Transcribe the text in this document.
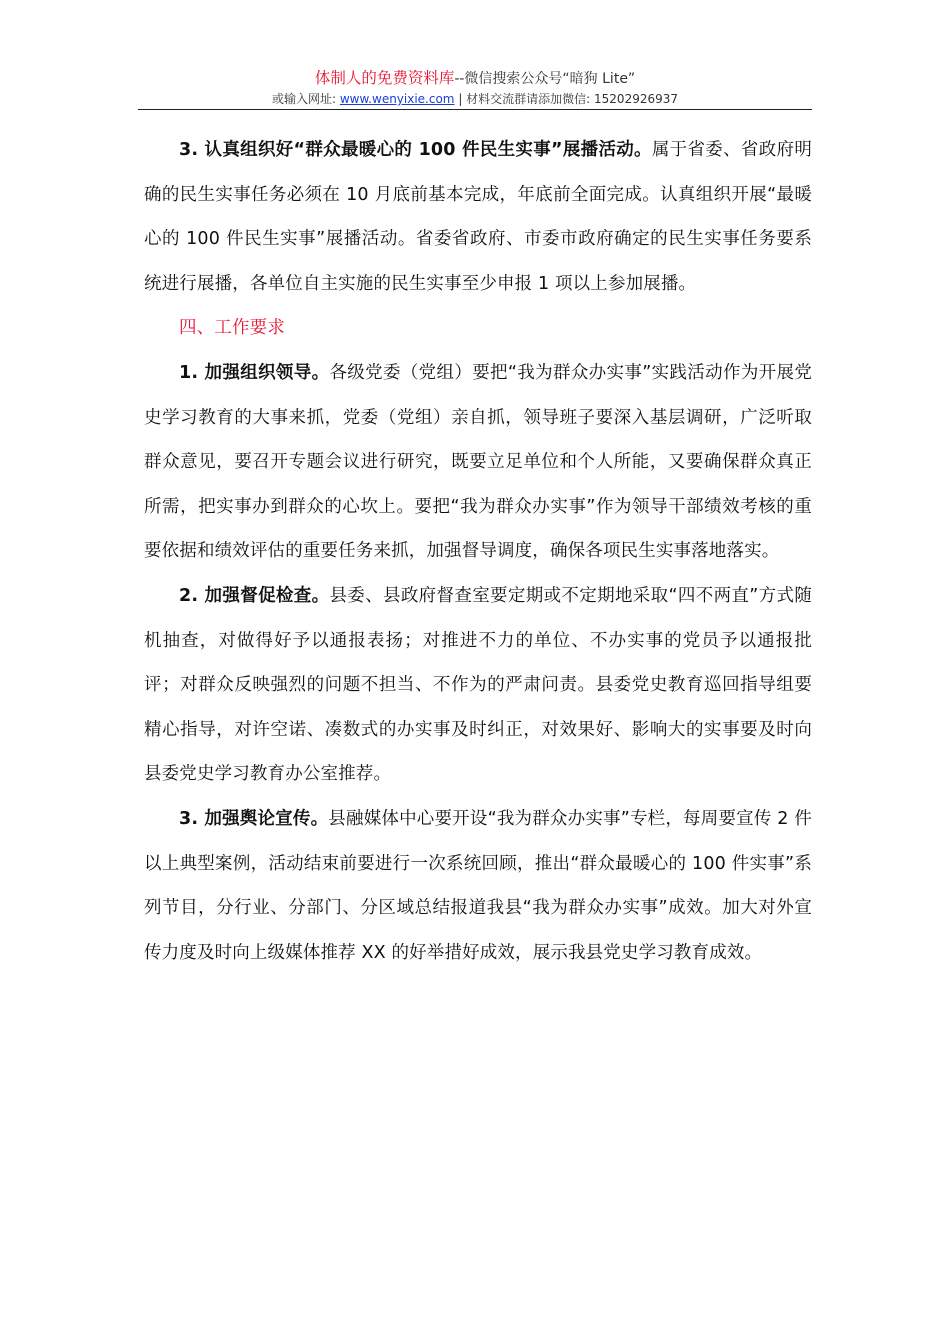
体制人的免费资料库--微信搜索公众号“暗狗 Lite”
或输入网址: www.wenyixie.com | 材料交流群请添加微信: 15202926937

3. 认真组织好“群众最暖心的 100 件民生实事”展播活动。属于省委、省政府明确的民生实事任务必须在 10 月底前基本完成，年底前全面完成。认真组织开展“最暖心的 100 件民生实事”展播活动。省委省政府、市委市政府确定的民生实事任务要系统进行展播，各单位自主实施的民生实事至少申报 1 项以上参加展播。

四、工作要求

1. 加强组织领导。各级党委（党组）要把“我为群众办实事”实践活动作为开展党史学习教育的大事来抓，党委（党组）亲自抓，领导班子要深入基层调研，广泛听取群众意见，要召开专题会议进行研究，既要立足单位和个人所能，又要确保群众真正所需，把实事办到群众的心坎上。要把“我为群众办实事”作为领导干部绩效考核的重要依据和绩效评估的重要任务来抓，加强督导调度，确保各项民生实事落地落实。

2. 加强督促检查。县委、县政府督查室要定期或不定期地采取“四不两直”方式随机抽查，对做得好予以通报表扬；对推进不力的单位、不办实事的党员予以通报批评；对群众反映强烈的问题不担当、不作为的严肃问责。县委党史教育巡回指导组要精心指导，对许空诺、凑数式的办实事及时纠正，对效果好、影响大的实事要及时向县委党史学习教育办公室推荐。

3. 加强舆论宣传。县融媒体中心要开设“我为群众办实事”专栏，每周要宣传 2 件以上典型案例，活动结束前要进行一次系统回顾，推出“群众最暖心的 100 件实事”系列节目，分行业、分部门、分区域总结报道我县“我为群众办实事”成效。加大对外宣传力度及时向上级媒体推荐 XX 的好举措好成效，展示我县党史学习教育成效。
